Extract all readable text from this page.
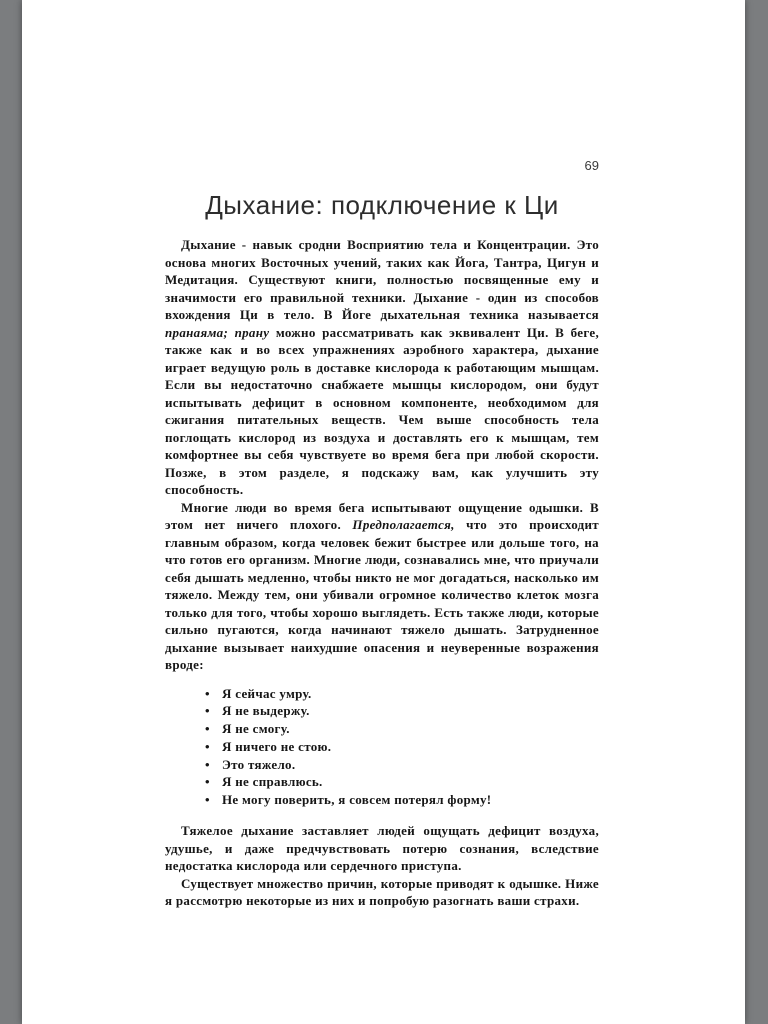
69
Дыхание: подключение к Ци

Дыхание - навык сродни Восприятию тела и Концентрации. Это основа многих Восточных учений, таких как Йога, Тантра, Цигун и Медитация. Существуют книги, полностью посвященные ему и значимости его правильной техники. Дыхание - один из способов вхождения Ци в тело. В Йоге дыхательная техника называется пранаяма; прану можно рассматривать как эквивалент Ци. В беге, также как и во всех упражнениях аэробного характера, дыхание играет ведущую роль в доставке кислорода к работающим мышцам. Если вы недостаточно снабжаете мышцы кислородом, они будут испытывать дефицит в основном компоненте, необходимом для сжигания питательных веществ. Чем выше способность тела поглощать кислород из воздуха и доставлять его к мышцам, тем комфортнее вы себя чувствуете во время бега при любой скорости. Позже, в этом разделе, я подскажу вам, как улучшить эту способность.

Многие люди во время бега испытывают ощущение одышки. В этом нет ничего плохого. Предполагается, что это происходит главным образом, когда человек бежит быстрее или дольше того, на что готов его организм. Многие люди, сознавались мне, что приучали себя дышать медленно, чтобы никто не мог догадаться, насколько им тяжело. Между тем, они убивали огромное количество клеток мозга только для того, чтобы хорошо выглядеть. Есть также люди, которые сильно пугаются, когда начинают тяжело дышать. Затрудненное дыхание вызывает наихудшие опасения и неуверенные возражения вроде:

• Я сейчас умру.
• Я не выдержу.
• Я не смогу.
• Я ничего не стою.
• Это тяжело.
• Я не справлюсь.
• Не могу поверить, я совсем потерял форму!

Тяжелое дыхание заставляет людей ощущать дефицит воздуха, удушье, и даже предчувствовать потерю сознания, вследствие недостатка кислорода или сердечного приступа.

Существует множество причин, которые приводят к одышке. Ниже я рассмотрю некоторые из них и попробую разогнать ваши страхи.
